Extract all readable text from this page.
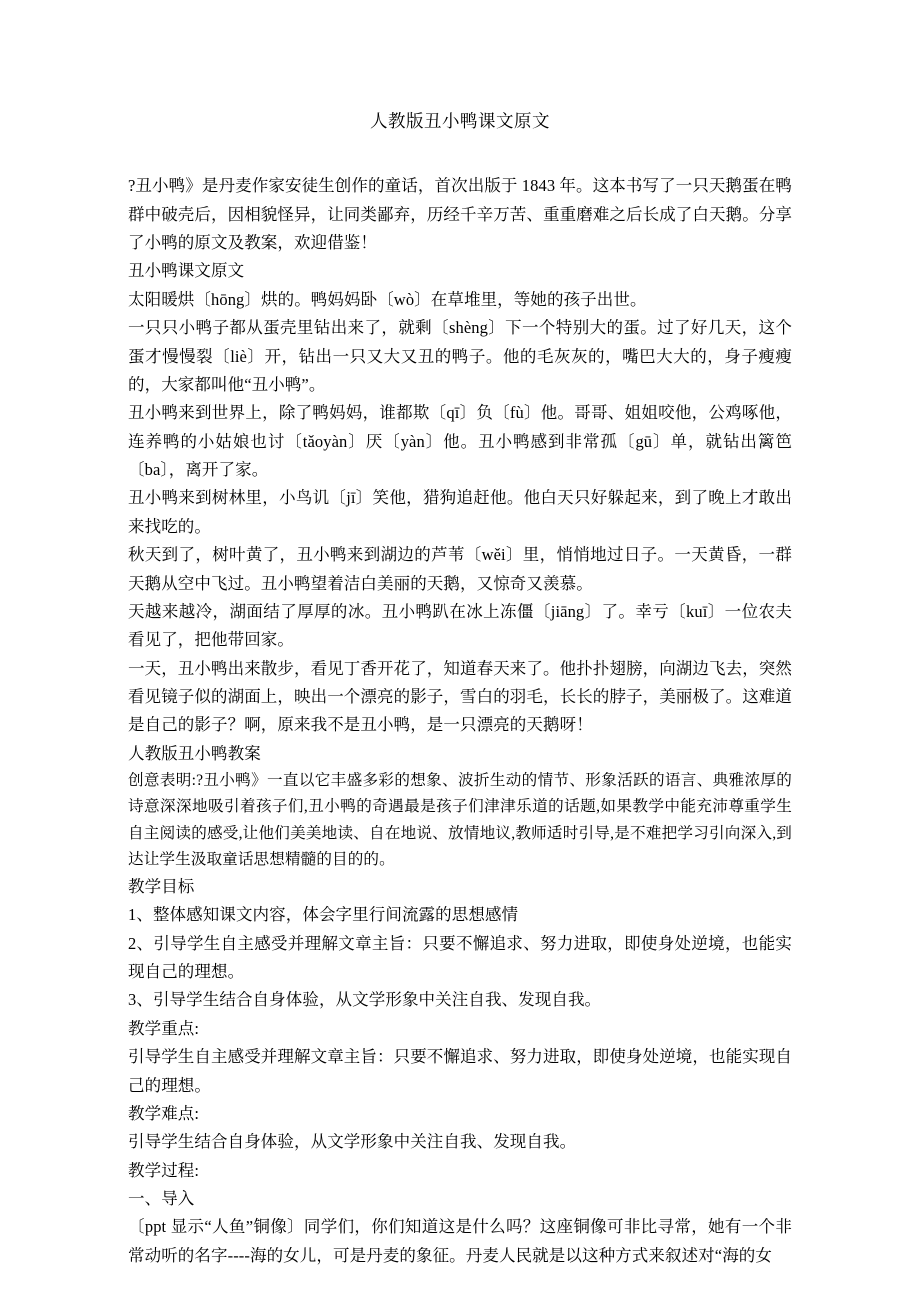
人教版丑小鸭课文原文

?丑小鸭》是丹麦作家安徒生创作的童话，首次出版于 1843 年。这本书写了一只天鹅蛋在鸭群中破壳后，因相貌怪异，让同类鄙弃，历经千辛万苦、重重磨难之后长成了白天鹅。分享了小鸭的原文及教案，欢迎借鉴！

丑小鸭课文原文

太阳暖烘〔hōng〕烘的。鸭妈妈卧〔wò〕在草堆里，等她的孩子出世。

一只只小鸭子都从蛋壳里钻出来了，就剩〔shèng〕下一个特别大的蛋。过了好几天，这个蛋才慢慢裂〔liè〕开，钻出一只又大又丑的鸭子。他的毛灰灰的，嘴巴大大的，身子瘦瘦的，大家都叫他“丑小鸭”。

丑小鸭来到世界上，除了鸭妈妈，谁都欺〔qī〕负〔fù〕他。哥哥、姐姐咬他，公鸡啄他，连养鸭的小姑娘也讨〔tǎoyàn〕厌〔yàn〕他。丑小鸭感到非常孤〔gū〕单，就钻出篱笆〔ba〕，离开了家。

丑小鸭来到树林里，小鸟讥〔jī〕笑他，猎狗追赶他。他白天只好躲起来，到了晚上才敢出来找吃的。

秋天到了，树叶黄了，丑小鸭来到湖边的芦苇〔wěi〕里，悄悄地过日子。一天黄昏，一群天鹅从空中飞过。丑小鸭望着洁白美丽的天鹅，又惊奇又羡慕。

天越来越冷，湖面结了厚厚的冰。丑小鸭趴在冰上冻僵〔jiāng〕了。幸亏〔kuī〕一位农夫看见了，把他带回家。

一天，丑小鸭出来散步，看见丁香开花了，知道春天来了。他扑扑翅膀，向湖边飞去，突然看见镜子似的湖面上，映出一个漂亮的影子，雪白的羽毛，长长的脖子，美丽极了。这难道是自己的影子？啊，原来我不是丑小鸭，是一只漂亮的天鹅呀！

人教版丑小鸭教案

创意表明:?丑小鸭》一直以它丰盛多彩的想象、波折生动的情节、形象活跃的语言、典雅浓厚的诗意深深地吸引着孩子们,丑小鸭的奇遇最是孩子们津津乐道的话题,如果教学中能充沛尊重学生自主阅读的感受,让他们美美地读、自在地说、放情地议,教师适时引导,是不难把学习引向深入,到达让学生汲取童话思想精髓的目的的。

教学目标

1、整体感知课文内容，体会字里行间流露的思想感情

2、引导学生自主感受并理解文章主旨：只要不懈追求、努力进取，即使身处逆境，也能实现自己的理想。

3、引导学生结合自身体验，从文学形象中关注自我、发现自我。

教学重点:

引导学生自主感受并理解文章主旨：只要不懈追求、努力进取，即使身处逆境，也能实现自己的理想。

教学难点:

引导学生结合自身体验，从文学形象中关注自我、发现自我。

教学过程:

一、导入

〔ppt 显示“人鱼”铜像〕同学们，你们知道这是什么吗？这座铜像可非比寻常，她有一个非常动听的名字----海的女儿，可是丹麦的象征。丹麦人民就是以这种方式来叙述对“海的女
